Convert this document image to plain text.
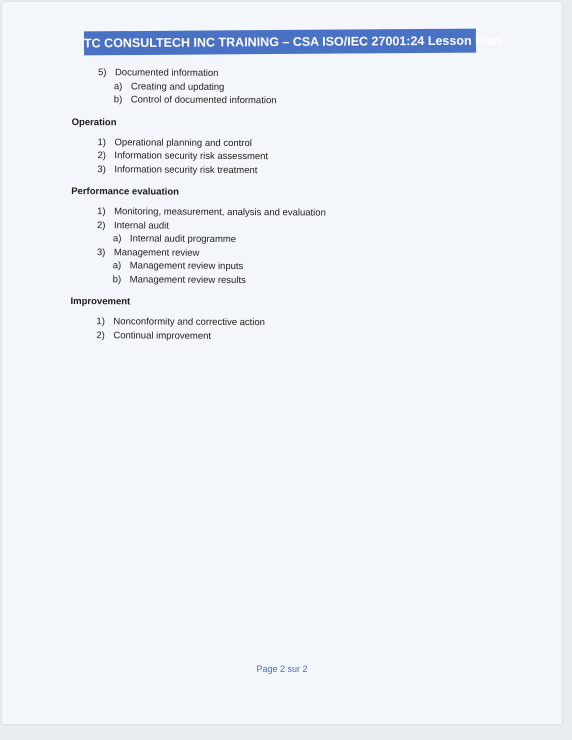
TC CONSULTECH INC TRAINING – CSA ISO/IEC 27001:24 Lesson Plan
5) Documented information
a) Creating and updating
b) Control of documented information
Operation
1) Operational planning and control
2) Information security risk assessment
3) Information security risk treatment
Performance evaluation
1) Monitoring, measurement, analysis and evaluation
2) Internal audit
a) Internal audit programme
3) Management review
a) Management review inputs
b) Management review results
Improvement
1) Nonconformity and corrective action
2) Continual improvement
Page 2 sur 2
